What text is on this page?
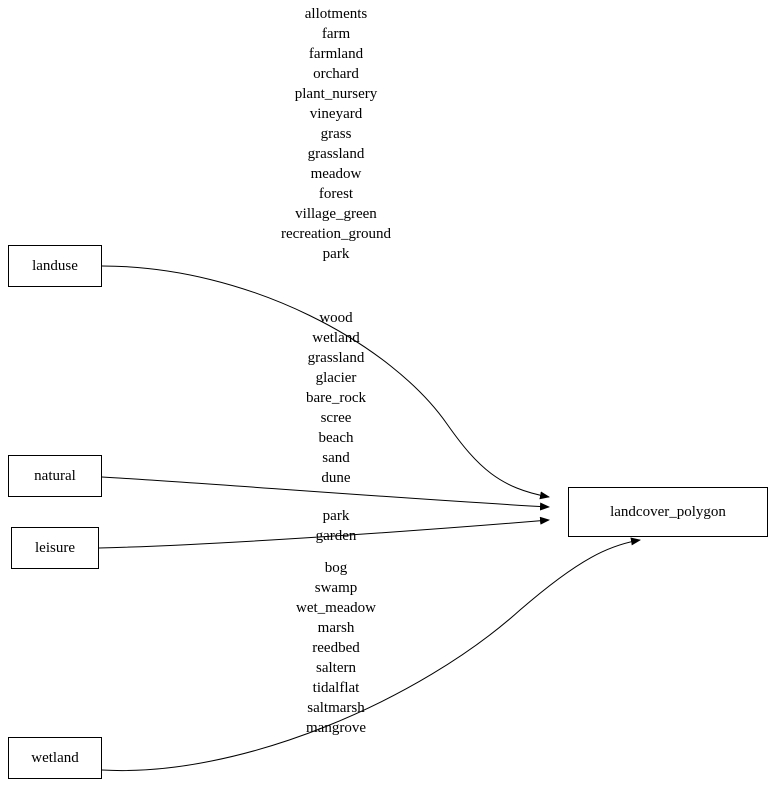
landuse
natural
leisure
wetland
landcover_polygon
allotments
farm
farmland
orchard
plant_nursery
vineyard
grass
grassland
meadow
forest
village_green
recreation_ground
park
wood
wetland
grassland
glacier
bare_rock
scree
beach
sand
dune
park
garden
bog
swamp
wet_meadow
marsh
reedbed
saltern
tidalflat
saltmarsh
mangrove
